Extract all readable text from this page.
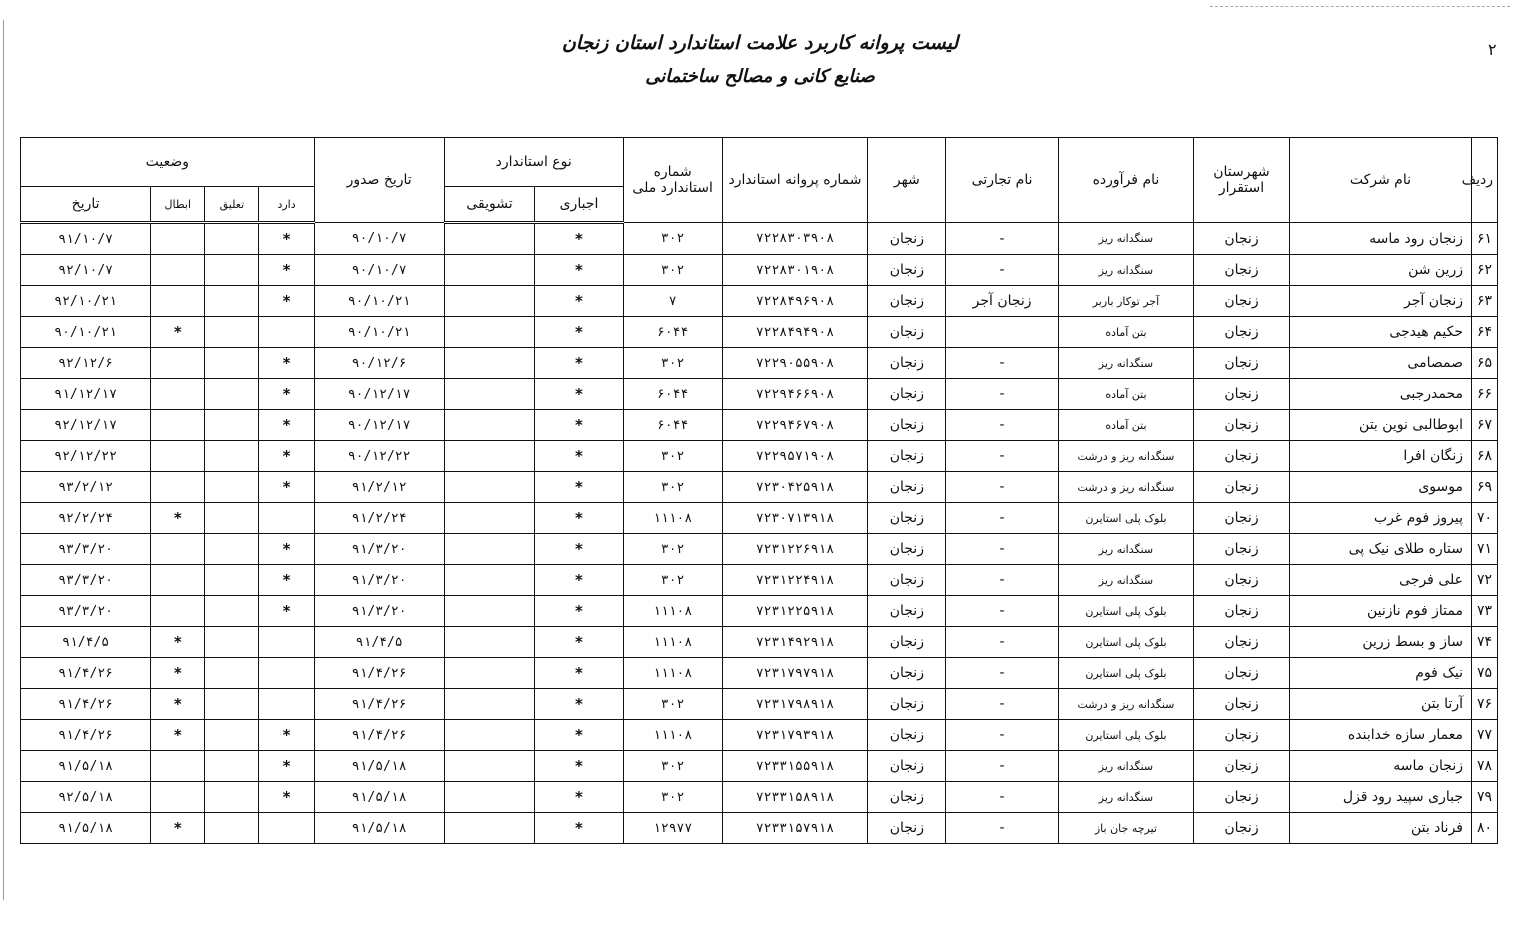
۲

لیست پروانه کاربرد علامت استاندارد استان زنجان

صنایع کانی و مصالح ساختمانی

ردیف	نام شرکت	شهرستان استقرار	نام فرآورده	نام تجارتی	شهر	شماره پروانه استاندارد	شماره استاندارد ملی	نوع استاندارد		تاریخ صدور	وضعیت			
								اجباری	تشویقی		دارد	تعلیق	ابطال	تاریخ
۶۱	زنجان رود ماسه	زنجان	سنگدانه ریز	-	زنجان	۷۲۲۸۳۰۳۹۰۸	۳۰۲	*		۹۰/۱۰/۷	*			۹۱/۱۰/۷
۶۲	زرین شن	زنجان	سنگدانه ریز	-	زنجان	۷۲۲۸۳۰۱۹۰۸	۳۰۲	*		۹۰/۱۰/۷	*			۹۲/۱۰/۷
۶۳	زنجان آجر	زنجان	آجر توکار باربر	زنجان آجر	زنجان	۷۲۲۸۴۹۶۹۰۸	۷	*		۹۰/۱۰/۲۱	*			۹۲/۱۰/۲۱
۶۴	حکیم هیدجی	زنجان	بتن آماده		زنجان	۷۲۲۸۴۹۴۹۰۸	۶۰۴۴	*		۹۰/۱۰/۲۱			*	۹۰/۱۰/۲۱
۶۵	صمصامی	زنجان	سنگدانه ریز	-	زنجان	۷۲۲۹۰۵۵۹۰۸	۳۰۲	*		۹۰/۱۲/۶	*			۹۲/۱۲/۶
۶۶	محمدرجبی	زنجان	بتن آماده	-	زنجان	۷۲۲۹۴۶۶۹۰۸	۶۰۴۴	*		۹۰/۱۲/۱۷	*			۹۱/۱۲/۱۷
۶۷	ابوطالبی نوین بتن	زنجان	بتن آماده	-	زنجان	۷۲۲۹۴۶۷۹۰۸	۶۰۴۴	*		۹۰/۱۲/۱۷	*			۹۲/۱۲/۱۷
۶۸	زنگان افرا	زنجان	سنگدانه ریز و درشت	-	زنجان	۷۲۲۹۵۷۱۹۰۸	۳۰۲	*		۹۰/۱۲/۲۲	*			۹۲/۱۲/۲۲
۶۹	موسوی	زنجان	سنگدانه ریز و درشت	-	زنجان	۷۲۳۰۴۲۵۹۱۸	۳۰۲	*		۹۱/۲/۱۲	*			۹۳/۲/۱۲
۷۰	پیروز فوم غرب	زنجان	بلوک پلی استایرن	-	زنجان	۷۲۳۰۷۱۳۹۱۸	۱۱۱۰۸	*		۹۱/۲/۲۴			*	۹۲/۲/۲۴
۷۱	ستاره طلای نیک پی	زنجان	سنگدانه ریز	-	زنجان	۷۲۳۱۲۲۶۹۱۸	۳۰۲	*		۹۱/۳/۲۰	*			۹۳/۳/۲۰
۷۲	علی فرجی	زنجان	سنگدانه ریز	-	زنجان	۷۲۳۱۲۲۴۹۱۸	۳۰۲	*		۹۱/۳/۲۰	*			۹۳/۳/۲۰
۷۳	ممتاز فوم نازنین	زنجان	بلوک پلی استایرن	-	زنجان	۷۲۳۱۲۲۵۹۱۸	۱۱۱۰۸	*		۹۱/۳/۲۰	*			۹۳/۳/۲۰
۷۴	ساز و بسط زرین	زنجان	بلوک پلی استایرن	-	زنجان	۷۲۳۱۴۹۲۹۱۸	۱۱۱۰۸	*		۹۱/۴/۵			*	۹۱/۴/۵
۷۵	نیک فوم	زنجان	بلوک پلی استایرن	-	زنجان	۷۲۳۱۷۹۷۹۱۸	۱۱۱۰۸	*		۹۱/۴/۲۶			*	۹۱/۴/۲۶
۷۶	آرتا بتن	زنجان	سنگدانه ریز و درشت	-	زنجان	۷۲۳۱۷۹۸۹۱۸	۳۰۲	*		۹۱/۴/۲۶			*	۹۱/۴/۲۶
۷۷	معمار سازه خدابنده	زنجان	بلوک پلی استایرن	-	زنجان	۷۲۳۱۷۹۳۹۱۸	۱۱۱۰۸	*		۹۱/۴/۲۶	*		*	۹۱/۴/۲۶
۷۸	زنجان ماسه	زنجان	سنگدانه ریز	-	زنجان	۷۲۳۳۱۵۵۹۱۸	۳۰۲	*		۹۱/۵/۱۸	*			۹۱/۵/۱۸
۷۹	جباری سپید رود قزل	زنجان	سنگدانه ریز	-	زنجان	۷۲۳۳۱۵۸۹۱۸	۳۰۲	*		۹۱/۵/۱۸	*			۹۲/۵/۱۸
۸۰	فرناد بتن	زنجان	تیرچه جان باز	-	زنجان	۷۲۳۳۱۵۷۹۱۸	۱۲۹۷۷	*		۹۱/۵/۱۸			*	۹۱/۵/۱۸
